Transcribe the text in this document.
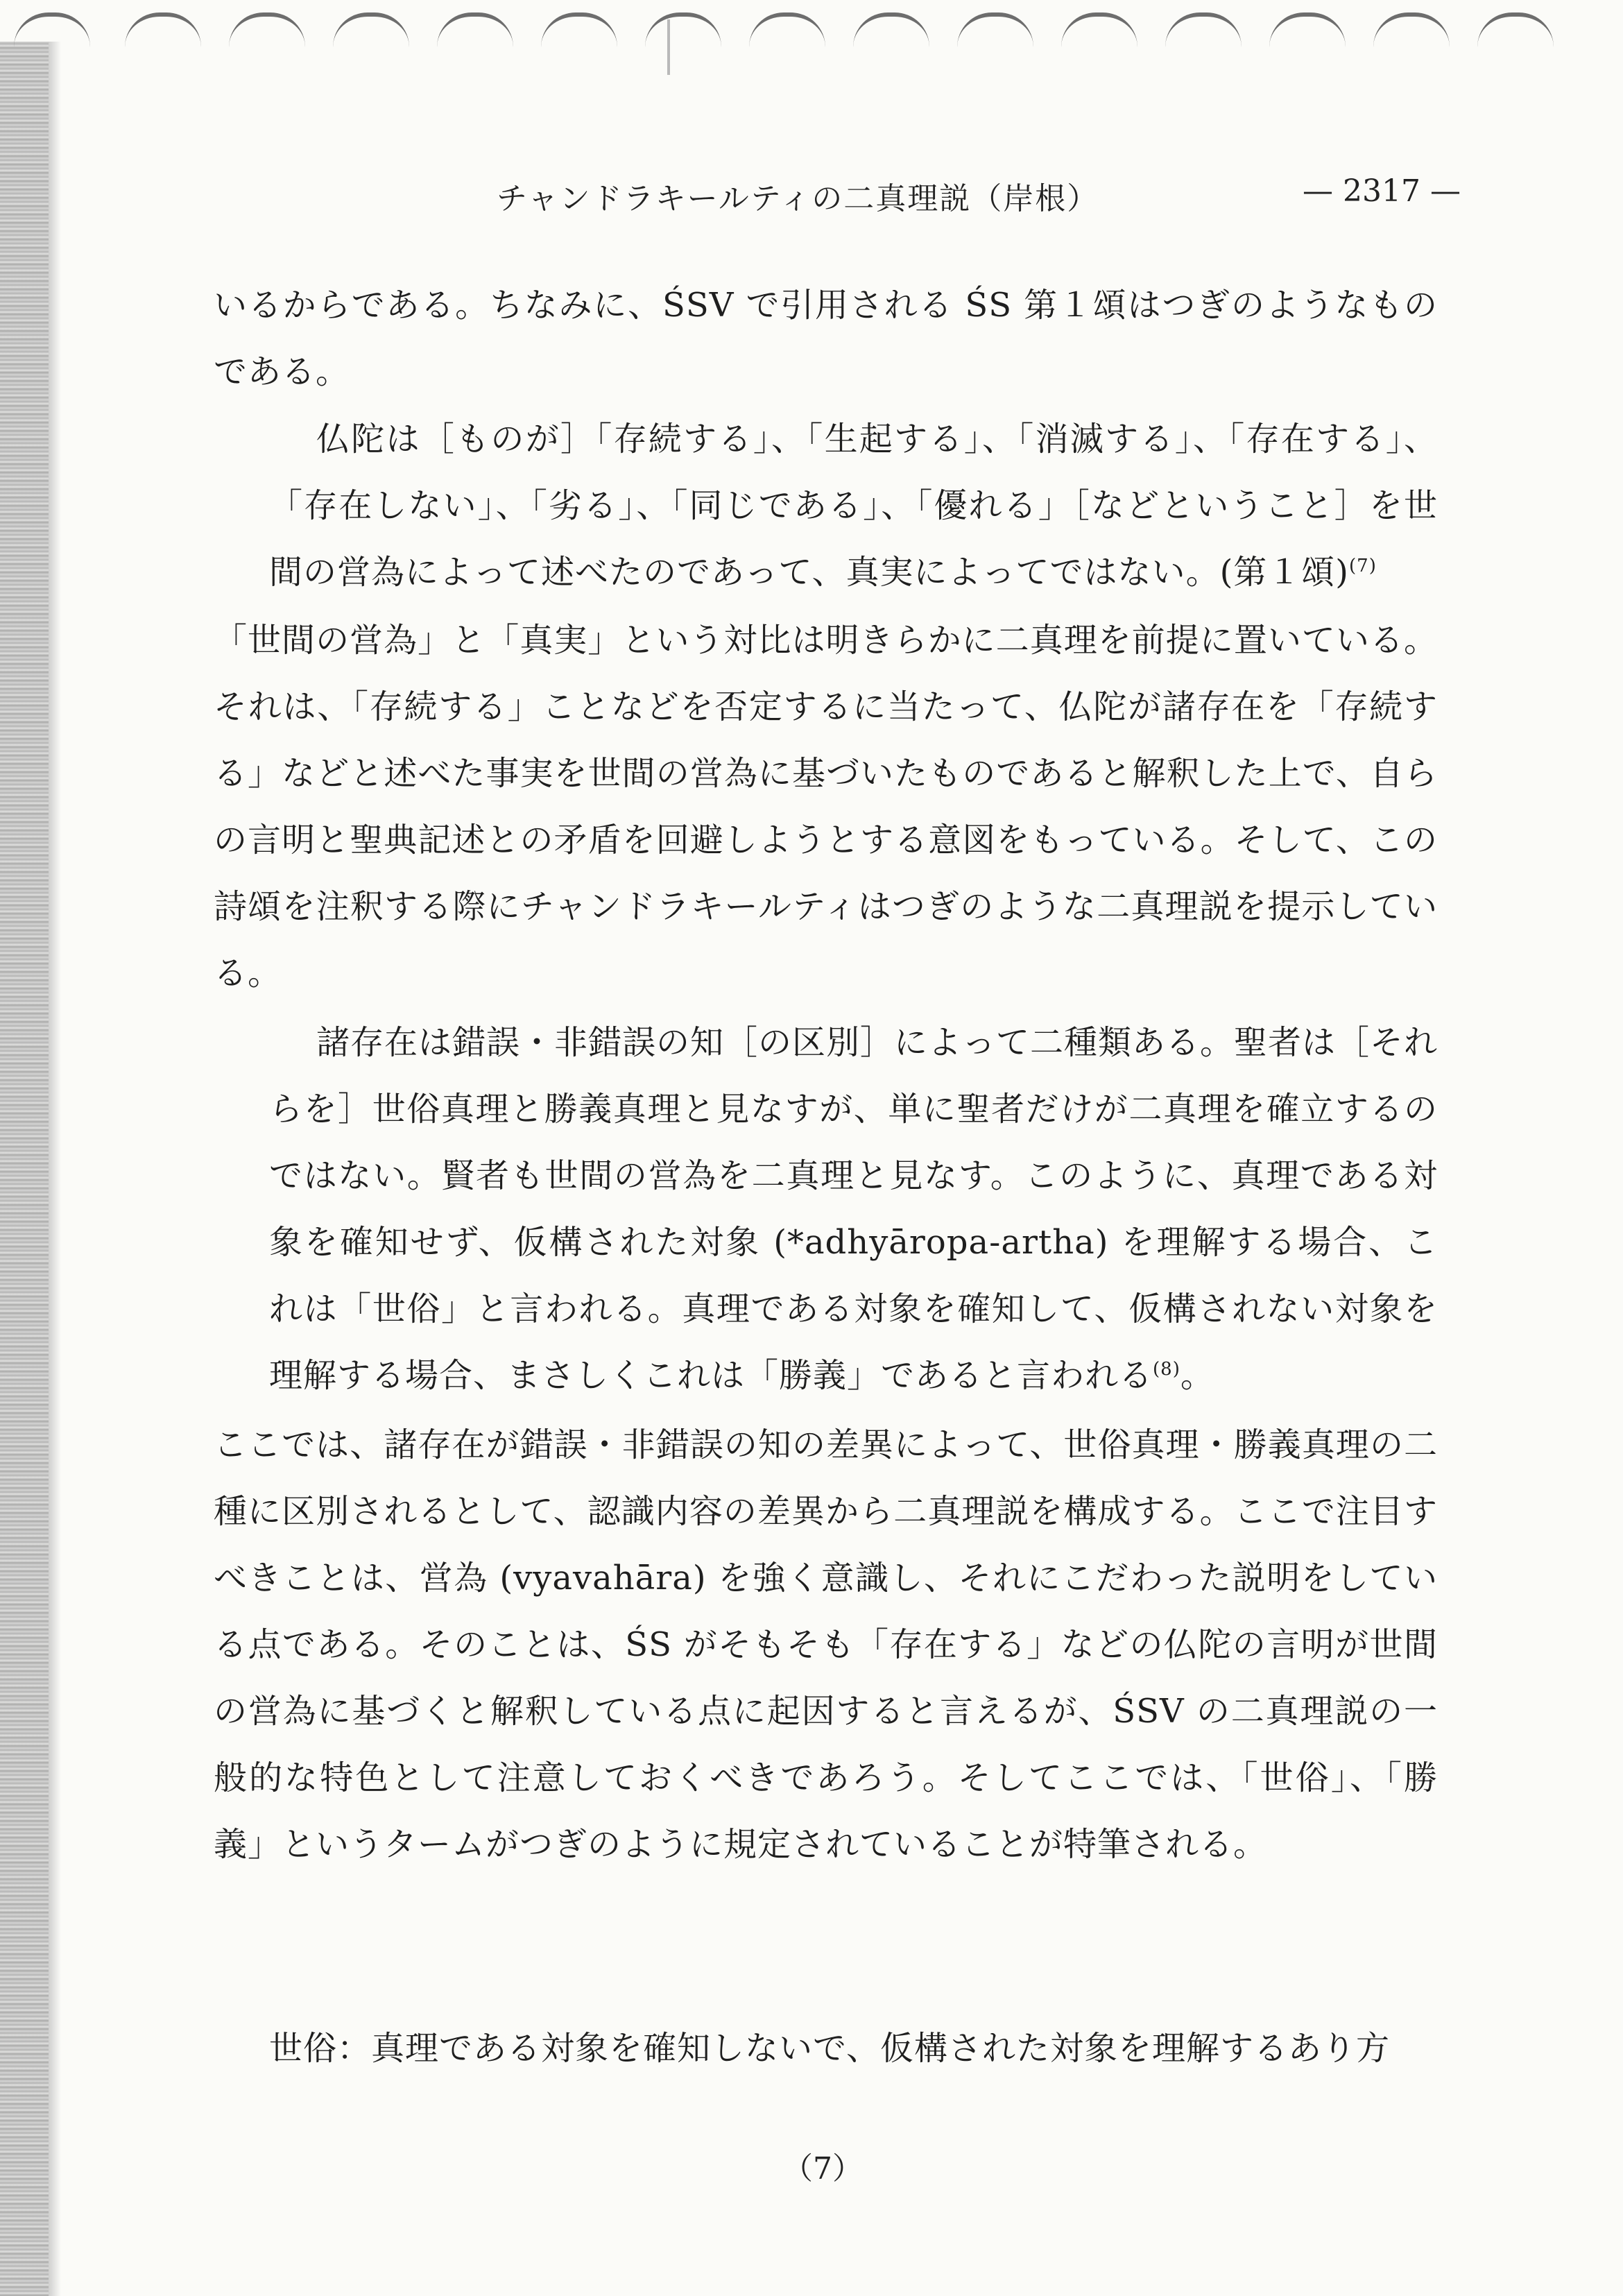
チャンドラキールティの二真理説（岸根）	— 2317 —

いるからである。ちなみに、ŚSV で引用される ŚS 第１頌はつぎのようなものである。

仏陀は［ものが］「存続する」、「生起する」、「消滅する」、「存在する」、「存在しない」、「劣る」、「同じである」、「優れる」［などということ］を世間の営為によって述べたのであって、真実によってではない。(第１頌)$^{(7)}$

「世間の営為」と「真実」という対比は明きらかに二真理を前提に置いている。それは、「存続する」ことなどを否定するに当たって、仏陀が諸存在を「存続する」などと述べた事実を世間の営為に基づいたものであると解釈した上で、自らの言明と聖典記述との矛盾を回避しようとする意図をもっている。そして、この詩頌を注釈する際にチャンドラキールティはつぎのような二真理説を提示している。

諸存在は錯誤・非錯誤の知［の区別］によって二種類ある。聖者は［それらを］世俗真理と勝義真理と見なすが、単に聖者だけが二真理を確立するのではない。賢者も世間の営為を二真理と見なす。このように、真理である対象を確知せず、仮構された対象 (*adhyāropa-artha) を理解する場合、これは「世俗」と言われる。真理である対象を確知して、仮構されない対象を理解する場合、まさしくこれは「勝義」であると言われる$^{(8)}$。

ここでは、諸存在が錯誤・非錯誤の知の差異によって、世俗真理・勝義真理の二種に区別されるとして、認識内容の差異から二真理説を構成する。ここで注目すべきことは、営為 (vyavahāra) を強く意識し、それにこだわった説明をしている点である。そのことは、ŚS がそもそも「存在する」などの仏陀の言明が世間の営為に基づくと解釈している点に起因すると言えるが、ŚSV の二真理説の一般的な特色として注意しておくべきであろう。そしてここでは、「世俗」、「勝義」というタームがつぎのように規定されていることが特筆される。

世俗：真理である対象を確知しないで、仮構された対象を理解するあり方

（7）
